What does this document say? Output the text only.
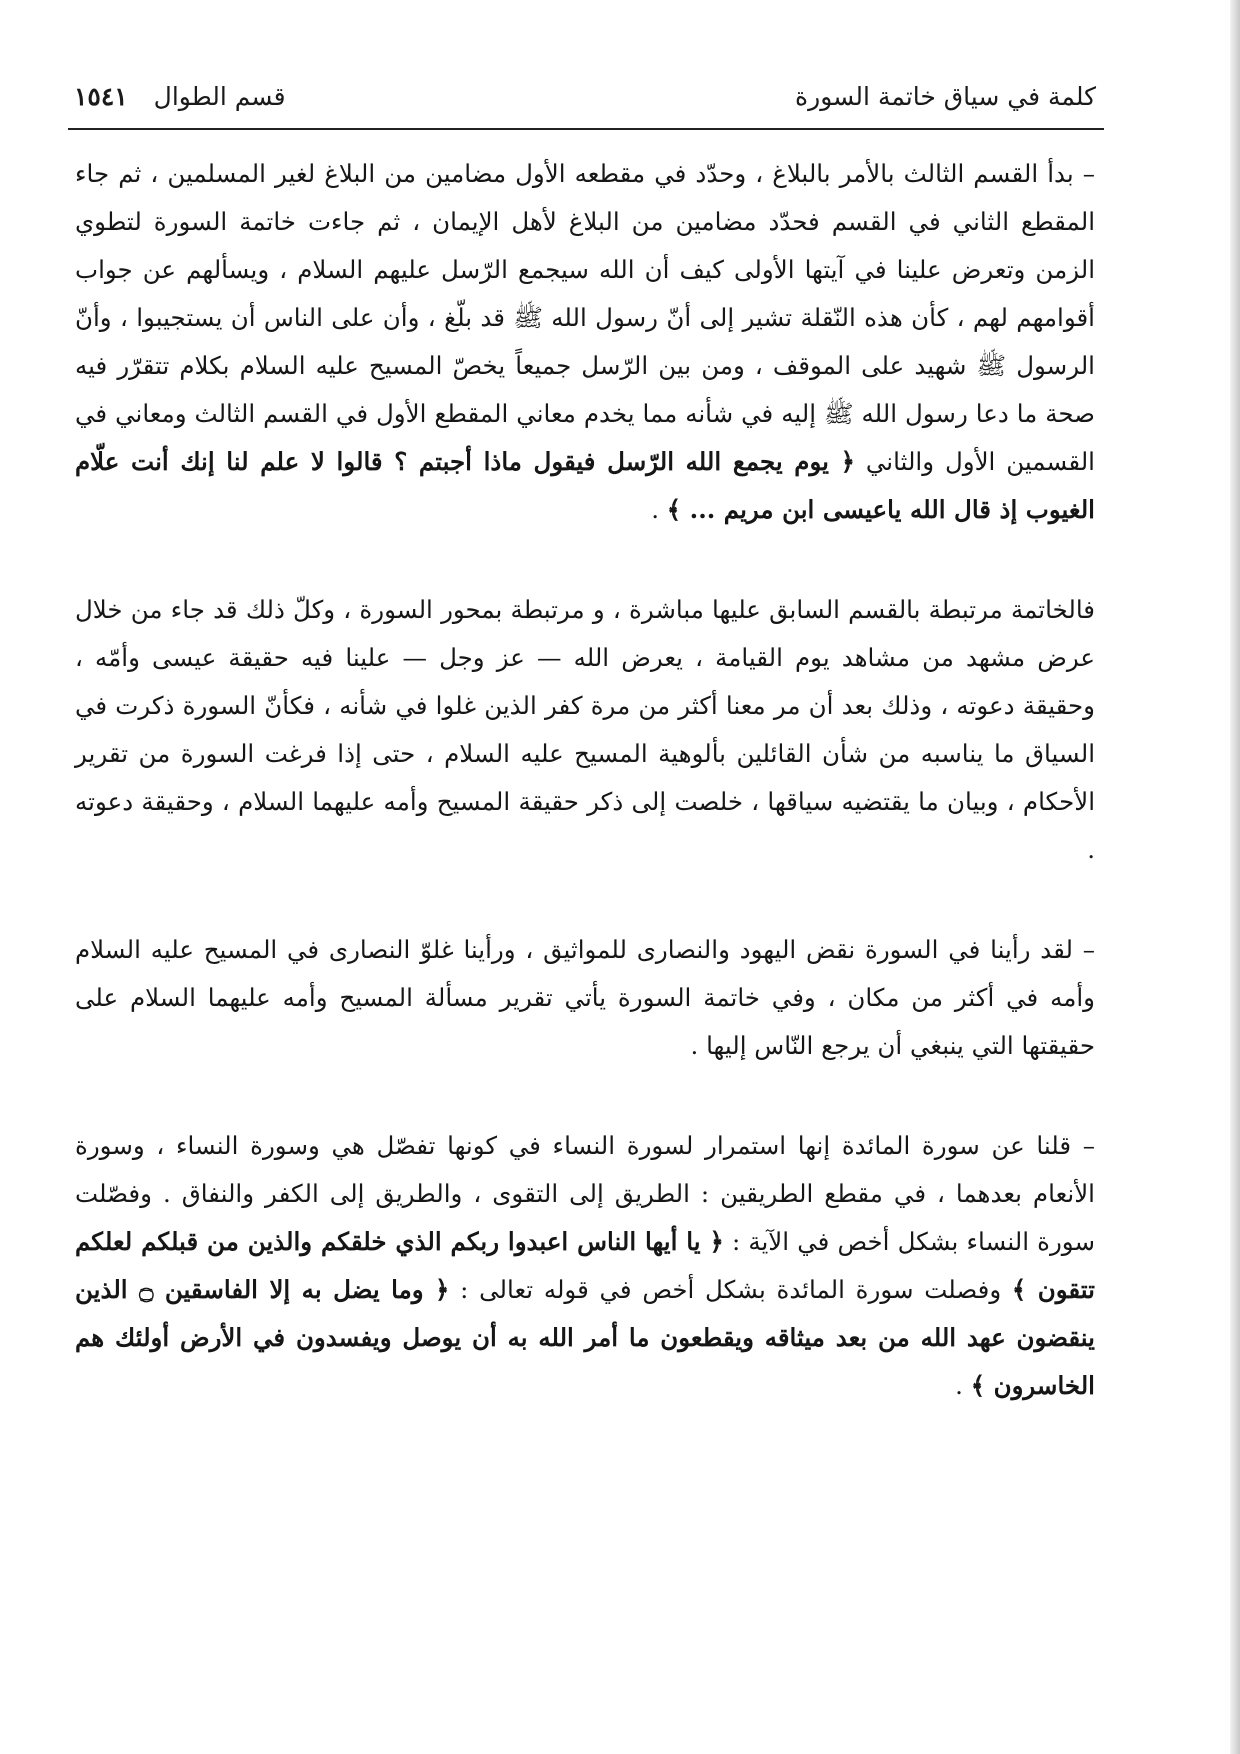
كلمة في سياق خاتمة السورة
قسم الطوال ١٥٤١

– بدأ القسم الثالث بالأمر بالبلاغ ، وحدّد في مقطعه الأول مضامين من البلاغ لغير المسلمين ، ثم جاء المقطع الثاني في القسم فحدّد مضامين من البلاغ لأهل الإيمان ، ثم جاءت خاتمة السورة لتطوي الزمن وتعرض علينا في آيتها الأولى كيف أن الله سيجمع الرّسل عليهم السلام ، ويسألهم عن جواب أقوامهم لهم ، كأن هذه النّقلة تشير إلى أنّ رسول الله ﷺ قد بلّغ ، وأن على الناس أن يستجيبوا ، وأنّ الرسول ﷺ شهيد على الموقف ، ومن بين الرّسل جميعاً يخصّ المسيح عليه السلام بكلام تتقرّر فيه صحة ما دعا رسول الله ﷺ إليه في شأنه مما يخدم معاني المقطع الأول في القسم الثالث ومعاني في القسمين الأول والثاني ﴿ يوم يجمع الله الرّسل فيقول ماذا أجبتم ؟ قالوا لا علم لنا إنك أنت علّام الغيوب إذ قال الله ياعيسى ابن مريم ... ﴾ .

فالخاتمة مرتبطة بالقسم السابق عليها مباشرة ، و مرتبطة بمحور السورة ، وكلّ ذلك قد جاء من خلال عرض مشهد من مشاهد يوم القيامة ، يعرض الله — عز وجل — علينا فيه حقيقة عيسى وأمّه ، وحقيقة دعوته ، وذلك بعد أن مر معنا أكثر من مرة كفر الذين غلوا في شأنه ، فكأنّ السورة ذكرت في السياق ما يناسبه من شأن القائلين بألوهية المسيح عليه السلام ، حتى إذا فرغت السورة من تقرير الأحكام ، وبيان ما يقتضيه سياقها ، خلصت إلى ذكر حقيقة المسيح وأمه عليهما السلام ، وحقيقة دعوته .

– لقد رأينا في السورة نقض اليهود والنصارى للمواثيق ، ورأينا غلوّ النصارى في المسيح عليه السلام وأمه في أكثر من مكان ، وفي خاتمة السورة يأتي تقرير مسألة المسيح وأمه عليهما السلام على حقيقتها التي ينبغي أن يرجع النّاس إليها .

– قلنا عن سورة المائدة إنها استمرار لسورة النساء في كونها تفصّل هي وسورة النساء ، وسورة الأنعام بعدهما ، في مقطع الطريقين : الطريق إلى التقوى ، والطريق إلى الكفر والنفاق . وفصّلت سورة النساء بشكل أخص في الآية : ﴿ يا أيها الناس اعبدوا ربكم الذي خلقكم والذين من قبلكم لعلكم تتقون ﴾ وفصلت سورة المائدة بشكل أخص في قوله تعالى : ﴿ وما يضل به إلا الفاسقين ۝ الذين ينقضون عهد الله من بعد ميثاقه ويقطعون ما أمر الله به أن يوصل ويفسدون في الأرض أولئك هم الخاسرون ﴾ .
